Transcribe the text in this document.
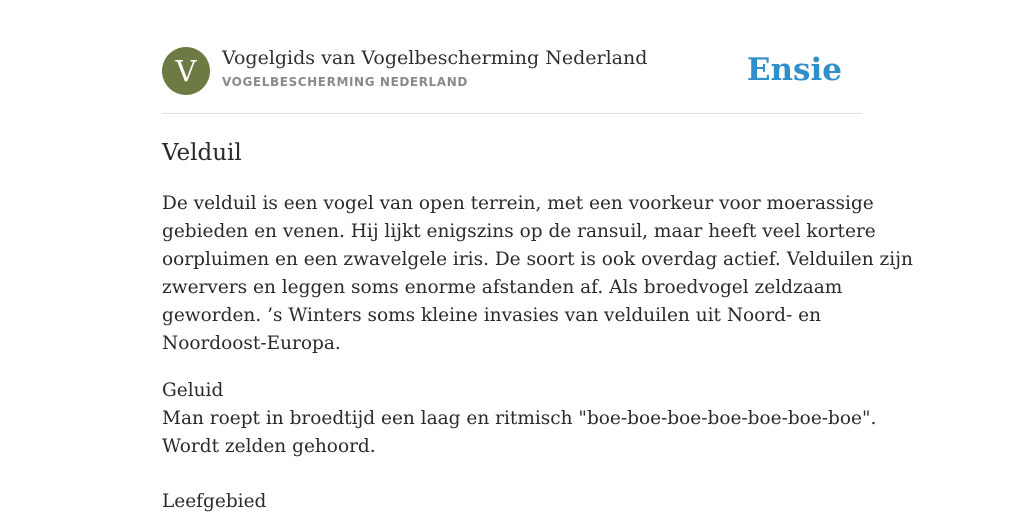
V	Vogelgids van Vogelbescherming Nederland
VOGELBESCHERMING NEDERLAND	Ensie
Velduil
De velduil is een vogel van open terrein, met een voorkeur voor moerassige
gebieden en venen. Hij lijkt enigszins op de ransuil, maar heeft veel kortere
oorpluimen en een zwavelgele iris. De soort is ook overdag actief. Velduilen zijn
zwervers en leggen soms enorme afstanden af. Als broedvogel zeldzaam
geworden. ’s Winters soms kleine invasies van velduilen uit Noord- en
Noordoost-Europa.
Geluid
Man roept in broedtijd een laag en ritmisch "boe-boe-boe-boe-boe-boe-boe".
Wordt zelden gehoord.
Leefgebied
